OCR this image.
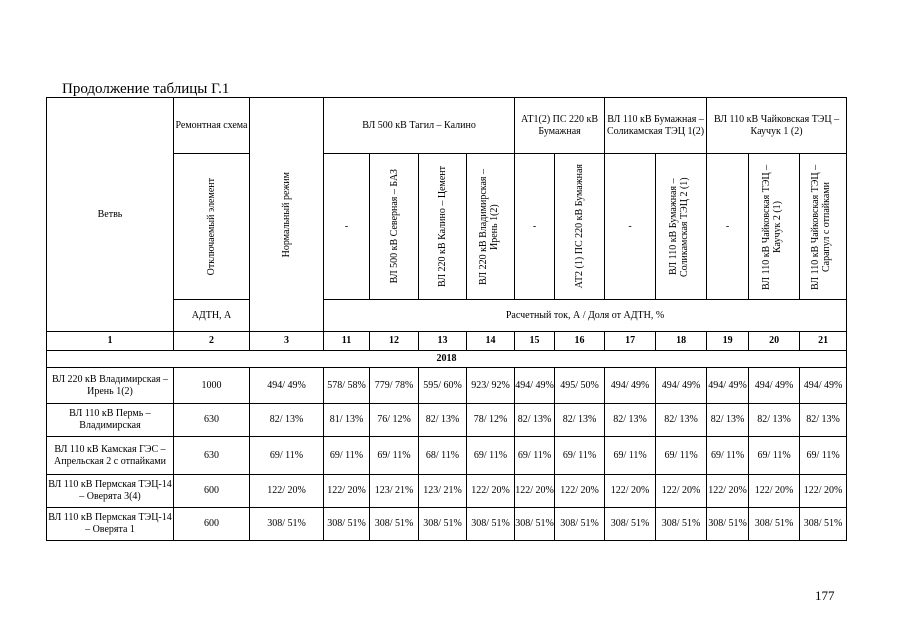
Продолжение таблицы Г.1
Ветвь	Ремонтная схема	Нормальный режим	ВЛ 500 кВ Тагил – Калино				АТ1(2) ПС 220 кВ Бумажная		ВЛ 110 кВ Бумажная – Соликамская ТЭЦ 1(2)		ВЛ 110 кВ Чайковская ТЭЦ – Каучук 1 (2)		

	Отключаемый элемент		-	ВЛ 500 кВ Северная – БАЗ	ВЛ 220 кВ Калино – Цемент	ВЛ 220 кВ Владимирская – Ирень 1(2)	-	АТ2 (1) ПС 220 кВ Бумажная	-	ВЛ 110 кВ Бумажная – Соликамская ТЭЦ 2 (1)	-	ВЛ 110 кВ Чайковская ТЭЦ – Каучук 2 (1)	ВЛ 110 кВ Чайковская ТЭЦ – Сарапул с отпайками

	АДТН, А		Расчетный ток, А / Доля от АДТН, %										
1	2	3	11	12	13	14	15	16	17	18	19	20	21
2018													
ВЛ 220 кВ Владимирская – Ирень 1(2)	1000	494/ 49%	578/ 58%	779/ 78%	595/ 60%	923/ 92%	494/ 49%	495/ 50%	494/ 49%	494/ 49%	494/ 49%	494/ 49%	494/ 49%
ВЛ 110 кВ Пермь – Владимирская	630	82/ 13%	81/ 13%	76/ 12%	82/ 13%	78/ 12%	82/ 13%	82/ 13%	82/ 13%	82/ 13%	82/ 13%	82/ 13%	82/ 13%
ВЛ 110 кВ Камская ГЭС – Апрельская 2 с отпайками	630	69/ 11%	69/ 11%	69/ 11%	68/ 11%	69/ 11%	69/ 11%	69/ 11%	69/ 11%	69/ 11%	69/ 11%	69/ 11%	69/ 11%
ВЛ 110 кВ Пермская ТЭЦ-14 – Оверята 3(4)	600	122/ 20%	122/ 20%	123/ 21%	123/ 21%	122/ 20%	122/ 20%	122/ 20%	122/ 20%	122/ 20%	122/ 20%	122/ 20%	122/ 20%
ВЛ 110 кВ Пермская ТЭЦ-14 – Оверята 1	600	308/ 51%	308/ 51%	308/ 51%	308/ 51%	308/ 51%	308/ 51%	308/ 51%	308/ 51%	308/ 51%	308/ 51%	308/ 51%	308/ 51%
177
